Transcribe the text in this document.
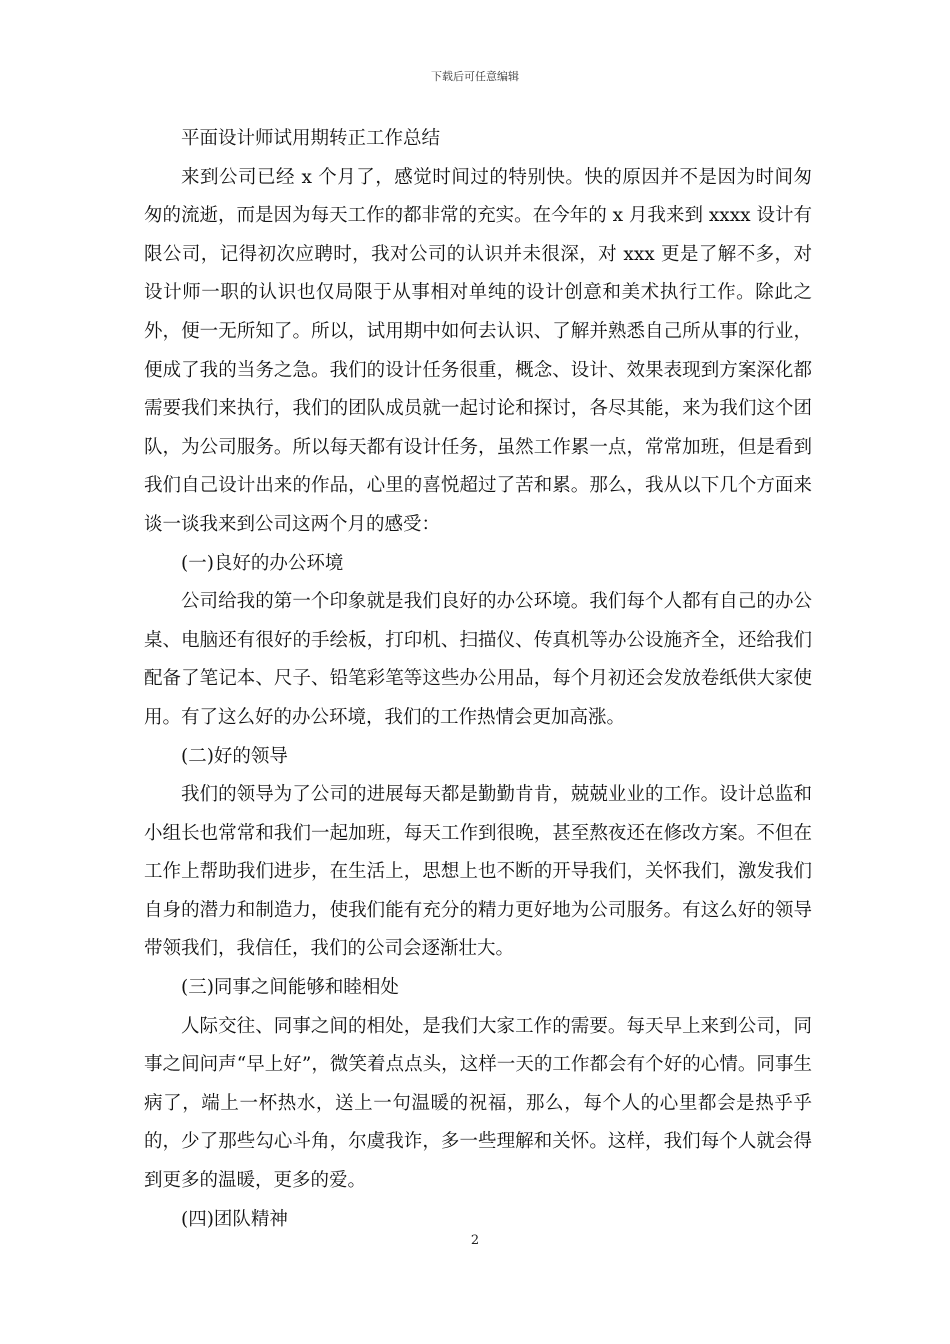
下载后可任意编辑

平面设计师试用期转正工作总结

来到公司已经 x 个月了，感觉时间过的特别快。快的原因并不是因为时间匆匆的流逝，而是因为每天工作的都非常的充实。在今年的 x 月我来到 xxxx 设计有限公司，记得初次应聘时，我对公司的认识并未很深，对 xxx 更是了解不多，对设计师一职的认识也仅局限于从事相对单纯的设计创意和美术执行工作。除此之外，便一无所知了。所以，试用期中如何去认识、了解并熟悉自己所从事的行业，便成了我的当务之急。我们的设计任务很重，概念、设计、效果表现到方案深化都需要我们来执行，我们的团队成员就一起讨论和探讨，各尽其能，来为我们这个团队，为公司服务。所以每天都有设计任务，虽然工作累一点，常常加班，但是看到我们自己设计出来的作品，心里的喜悦超过了苦和累。那么，我从以下几个方面来谈一谈我来到公司这两个月的感受：

(一)良好的办公环境

公司给我的第一个印象就是我们良好的办公环境。我们每个人都有自己的办公桌、电脑还有很好的手绘板，打印机、扫描仪、传真机等办公设施齐全，还给我们配备了笔记本、尺子、铅笔彩笔等这些办公用品，每个月初还会发放卷纸供大家使用。有了这么好的办公环境，我们的工作热情会更加高涨。

(二)好的领导

我们的领导为了公司的进展每天都是勤勤肯肯，兢兢业业的工作。设计总监和小组长也常常和我们一起加班，每天工作到很晚，甚至熬夜还在修改方案。不但在工作上帮助我们进步，在生活上，思想上也不断的开导我们，关怀我们，激发我们自身的潜力和制造力，使我们能有充分的精力更好地为公司服务。有这么好的领导带领我们，我信任，我们的公司会逐渐壮大。

(三)同事之间能够和睦相处

人际交往、同事之间的相处，是我们大家工作的需要。每天早上来到公司，同事之间问声“早上好”，微笑着点点头，这样一天的工作都会有个好的心情。同事生病了，端上一杯热水，送上一句温暖的祝福，那么，每个人的心里都会是热乎乎的，少了那些勾心斗角，尔虞我诈，多一些理解和关怀。这样，我们每个人就会得到更多的温暖，更多的爱。

(四)团队精神

2
